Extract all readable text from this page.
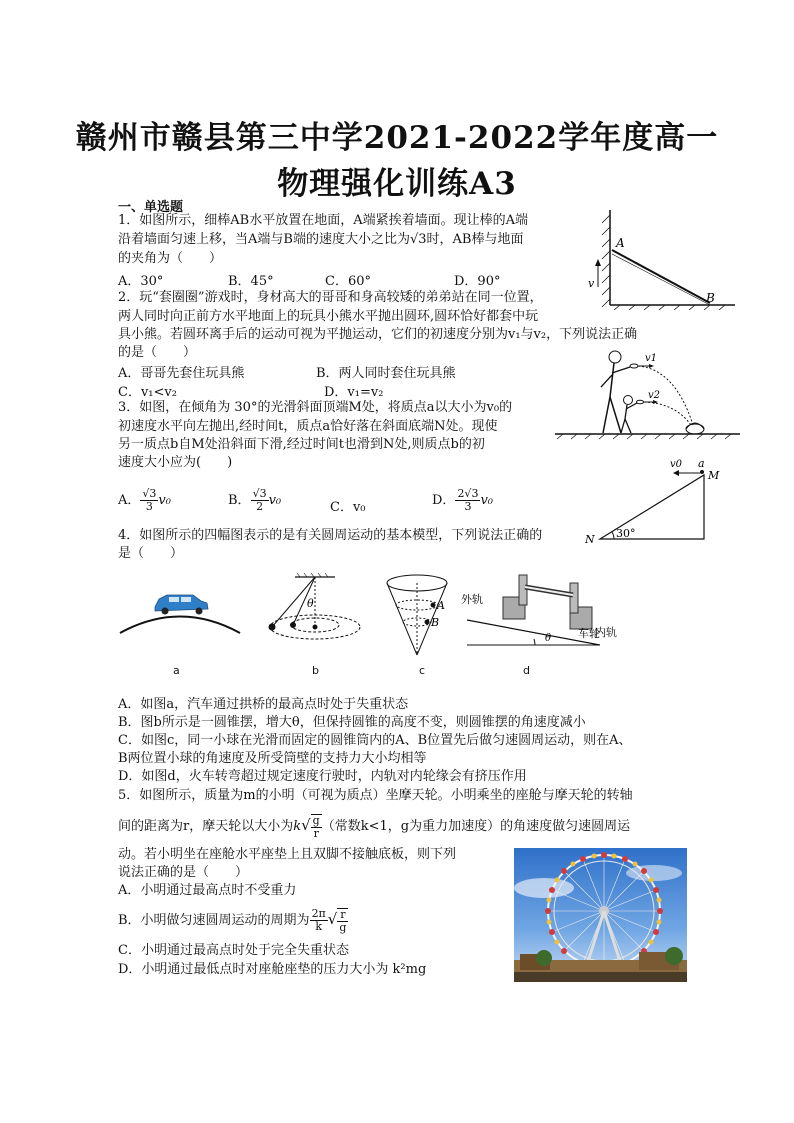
赣州市赣县第三中学2021-2022学年度高一
物理强化训练A3
一、单选题
1．如图所示，细棒AB水平放置在地面，A端紧挨着墙面。现让棒的A端
沿着墙面匀速上移，当A端与B端的速度大小之比为√3时，AB棒与地面
的夹角为（　　）
A．30°	B．45°	C．60°	D．90°
A
B
v
2．玩“套圈圈”游戏时，身材高大的哥哥和身高较矮的弟弟站在同一位置，
两人同时向正前方水平地面上的玩具小熊水平抛出圆环,圆环恰好都套中玩
具小熊。若圆环离手后的运动可视为平抛运动，它们的初速度分别为v₁与v₂，下列说法正确
的是（　　）
A．哥哥先套住玩具熊	B．两人同时套住玩具熊
C．v₁<v₂	D．v₁=v₂
v1
v2
3．如图，在倾角为 30°的光滑斜面顶端M处，将质点a以大小为v₀的
初速度水平向左抛出,经时间t，质点a恰好落在斜面底端N处。现使
另一质点b自M处沿斜面下滑,经过时间t也滑到N处,则质点b的初
速度大小应为(　　)
A． $\frac{√3}{3} v_0$	B． $\frac{√3}{2} v_0$	C．v₀	D． $\frac{2√3}{3} v_0$
v0 a
M
N 30°
4．如图所示的四幅图表示的是有关圆周运动的基本模型，下列说法正确的
是（　　）
θ	A
B
θ
外轨
车轮
内轨
a	b	c	d
A．如图a，汽车通过拱桥的最高点时处于失重状态
B．图b所示是一圆锥摆，增大θ，但保持圆锥的高度不变，则圆锥摆的角速度减小
C．如图c，同一小球在光滑而固定的圆锥筒内的A、B位置先后做匀速圆周运动，则在A、
B两位置小球的角速度及所受筒壁的支持力大小均相等
D．如图d，火车转弯超过规定速度行驶时，内轨对内轮缘会有挤压作用
5．如图所示，质量为m的小明（可视为质点）坐摩天轮。小明乘坐的座舱与摩天轮的转轴
间的距离为r，摩天轮以大小为$k√ \frac{g}{r}$ （常数k<1，g为重力加速度）的角速度做匀速圆周运
动。若小明坐在座舱水平座垫上且双脚不接触底板，则下列
说法正确的是（　　）
A．小明通过最高点时不受重力
B．小明做匀速圆周运动的周期为 $\frac{2\pi}{k}$ √ $\frac{r}{g}$
C．小明通过最高点时处于完全失重状态
D．小明通过最低点时对座舱座垫的压力大小为 k²mg
